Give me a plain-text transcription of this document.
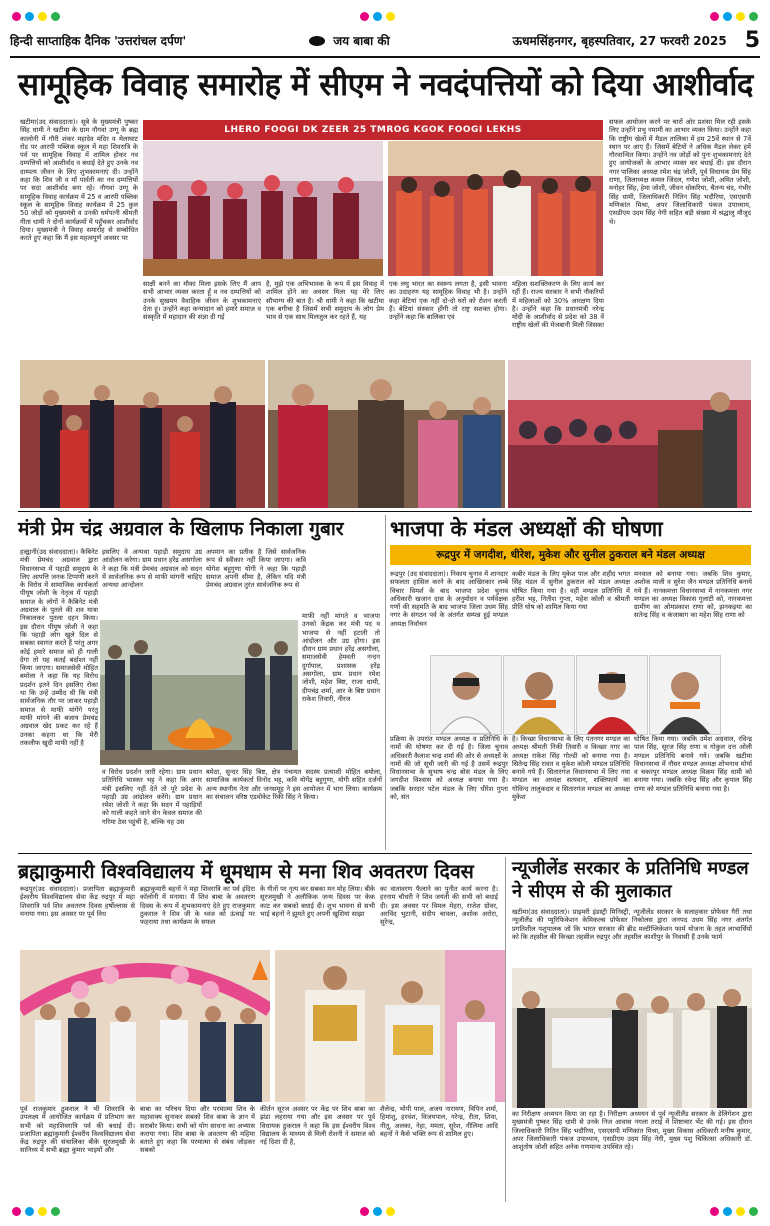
हिन्दी साप्ताहिक दैनिक 'उत्तरांचल दर्पण'	जय बाबा की	ऊधमसिंहनगर, बृहस्पतिवार, 27 फरवरी 2025 5
सामूहिक विवाह समारोह में सीएम ने नवदंपत्तियों को दिया आशीर्वाद
खटीमा(उद संवाददाता)। सूबे के मुख्यमंत्री पुष्कर सिंह धामी ने खटीमा के ग्राम नौगवां उग्गू के ब्रह्म कालोनी में गौरी शंकर महादेव मंदिर व मेलाघाट रोड पर आरपी पब्लिक स्कूल में महा शिवरात्रि के पर्व पर सामूहिक विवाह में शामिल होकर नव दम्पत्तियों को आशीर्वाद व बधाई देते हुए उनके नव दाम्पत्य जीवन के लिए शुभकामनाएं दी। उन्होंने कहा कि शिव जी व माँ पार्वती का नव दम्पत्तियों पर सदा आशीर्वाद बना रहे। नौगवां उग्गू के सामूहिक विवाह कार्यक्रम में 25 व आरपी पब्लिक स्कूल के सामूहिक विवाह कार्यक्रम में 25 कुल 50 जोड़ों को मुख्यमंत्री व उनकी धर्मपत्नी श्रीमती गीता धामी ने दोनों कार्यक्रमों में पहुँचकर आशीर्वाद दिया। मुख्यमंत्री ने विवाह समारोह से सम्बोधित करते हुए कहा कि मैं इस महत्वपूर्ण अवसर पर
LHERO FOOGI DK ZEER 25 TMROG KGOK FOOGI LEKHS
साक्षी बनने का मौका मिला इसके लिए मैं आप सभी आभार व्यक्त करता हूँ व नव दम्पत्तियों को उनके सुखमय वैवाहिक जीवन के शुभकामनाएं देता हूं। उन्होंने कहा कन्यादान को हमारे समाज व संस्कृति में महादान की संज्ञा दी गई
है, मुझे एक अभिभावक के रूप में इस विवाह में शामिल होने का अवसर मिला यह मेरे लिए सौभाग्य की बात है। श्री धामी ने कहा कि खटीमा एक बगीचा है जिसमें सभी समुदाय के लोग प्रेम भाव से एक साथ मिलजुल कर रहते हैं, यह
एक लघु भारत का स्वरूप लगता है, इसी भावना का उदाहरण यह सामूहिक विवाह भी है। उन्होंने कहा बेटियां एक नहीं दो-दो घरों को रोशन करती हैं। बेटियां संस्कार होंगी तो राष्ट्र सशक्त होगा। उन्होंने कहा कि बालिका एवं
महिला सशक्तिकरण के लिए कार्य कर रहीं हैं। राज्य सरकार ने सभी नौकरियों में महिलाओं को 30% आरक्षण दिया है। उन्होंने कहा कि प्रधानमंत्री नरेन्द्र मोदी के आशीर्वाद से प्रदेश को 38 वें राष्ट्रीय खेलों की मेजबानी मिली जिसका
सफल आयोजन करने पर चारों ओर प्रशंसा मिल रही इसके लिए उन्होंने प्रभु नमामी का आभार व्यक्त किया। उन्होंने कहा कि राष्ट्रीय खेलों में मैडल तालिका में हम 25वें स्थान से 7वें स्थान पर आए हैं। जिसमें बेटियों ने अधिक मैडल लेकर हमें गौरवान्वित किया। उन्होंने नव जोड़ों को पुनः शुभकामनाएं देते हुए आयोजकों के आभार व्यक्त कर बधाई दी। इस दौरान नगर पालिका अध्यक्ष रमेश चंद्र जोशी, पूर्व विधायक प्रेम सिंह राणा, जिलाध्यक्ष कमल जिंदल, गणेश जोशी, अमित जोशी, मनोहर सिंह, हेमा जोशी, जीवन धोकरिया, चैतन्य चंद, गंभीर सिंह धामी, जिलाधिकारी नितिन सिंह भदौरिया, एसएसपी मणिकांत मिश्रा, अपर जिलाधिकारी पंकज उपाध्याय, एसडीएम उदम सिंह नेगी सहित बड़ी संख्या में श्रद्धालु मौजूद थे।
मंत्री प्रेम चंद्र अग्रवाल के खिलाफ निकाला गुबार
हल्द्वानी(उद संवाददाता)। कैबिनेट मंत्री प्रेमचंद अग्रवाल द्वारा विधानसभा में पहाड़ी समुदाय के लिए आपत्ति जनक टिप्पणी करने के विरोध में सामाजिक कार्यकर्ता पीयूष जोशी के नेतृत्व में पहाड़ी समाज के लोगों ने कैबिनेट मंत्री अग्रवाल के पुतले की शव यात्रा निकालकर पुतला दहन किया। इस दौरान पीयूष जोशी ने कहा कि पहाड़ी लोग खुले दिल से सबका स्वागत करते हैं परंतु अगर कोई हमारे समाज को ही गाली देगा तो यह कतई बर्दाश्त नहीं किया जाएगा। समाजसेवी मोहित बमोला ने कहा कि यह विरोध प्रदर्शन इतने दिन इसलिए रोका था कि उन्हें उम्मीद थी कि मंत्री सार्वजनिक तौर पर जाकर पहाड़ी समाज से माफी मांगेंगे परंतु माफी मांगने की बजाय प्रेमचंद्र अग्रवाल खेद प्रकट कर रहे हैं उनका कहना था कि मेरी तकलीफ खुदी माफी नहीं है
इसलिए वे अन्यथा पहाड़ी समुदाय उग्र आंदोलन करेगा। ग्राम प्रधान हरेंद्र असगोला ने कहा कि मंत्री प्रेमचंद अग्रवाल को सदन में सार्वजनिक रूप से माफी मांगनी चाहिए अन्यथा आन्दोलन
अपमान का प्रतीक है जिसे सार्वजनिक रूप से स्वीकार नहीं किया जाएगा। कवि योगेश बहुगुणा योगी ने कहा कि पहाड़ी समाज अपनी सीमा है, लेकिन यदि मंत्री प्रेमचंद अग्रवाल तुरंत सार्वजनिक रूप से
माफी नहीं मांगते व भाजपा उनको केंद्रक कर मंत्री पद व भाजपा से नहीं हटाती तो आंदोलन और उग्र होगा। इस दौरान ग्राम प्रधान हरेंद्र असगोला, समाजसेवी हेमवती नन्दन दुर्गापाल, प्रशासक हरेंद्र असगोला, ग्राम प्रधान रमेश जोशी, महेश बिष्ट, राजा धामी, दीपचंद्र शर्मा, आर के बिष्ट प्रधान राकेश तिवारी, नीरज
व विरोध प्रदर्शन जारी रहेगा। ग्राम प्रधान प्रतिनिधि भास्कर भट्ट ने कहा कि अगर मंत्री इसलिए नहीं देते तो पूरे प्रदेश के पहाड़ी उग्र आंदोलन करेंगे। ग्राम प्रधान रमेश जोशी ने कहा कि सदन में पहाड़ियों को गाली कहते जाने सेन केवल समाज की गरिमा ठेस पहुंची है, बल्कि यह उस
बमेठा, सुन्दर सिंह बिष्ट, क्षेत्र पंचायत सदस्य प्रत्याशी मोहित बमोला, सामाजिक कार्यकर्ता विनोद भट्ट, कवि योगेंद्र बहुगुणा, योगी सहित दर्जनों अन्य स्थानीय नेता और जनसमूह ने इस आयोजन में भाग लिया। कार्यक्रम का संचालन वरिष्ठ एडवोकेट रिंकी सिंह ने किया।
भाजपा के मंडल अध्यक्षों की घोषणा
रूद्रपुर में जगदीश, धीरेश, मुकेश और सुनील ठुकराल बने मंडल अध्यक्ष
रूद्रपुर (उद संवाददाता)। निकाय चुनाव में शानदार सफलता हासिल करने के बाद आखिरकार लम्बे विचार विमर्श के बाद भाजपा प्रदेश चुनाव अधिकारी खजान दास के अनुमोदन व पर्यवेक्षक गणों की सहमति के बाद भाजपा जिला उधम सिंह नगर के संगठन पर्व के अंतर्गत सम्पन्न हुई मण्डल अध्यक्ष निर्वाचन
कबीर मंडल के लिए मुकेश पाल और शहीद भगत सिंह मंडल में सुनील ठुकराल को मंडल अध्यक्ष घोषित किया गया है। वहीं मण्डल प्रतिनिधि में हरीश भट्ट, नितीश गुप्ता, महेश कोली व श्रीमती प्रीति घोष को शामिल किया गया
मनवाल को बनाया गया। जबकि शिव कुमार, अशोक माली व सुरेश जैन मण्डल प्रतिनिधि बनाये गये हैं। नानकमत्ता विधानसभा में नानकमत्ता नगर मण्डल का अध्यक्ष विकास गुलाटी को, नानकमत्ता ग्रामीण का ओमप्रकाश राणा को, झनकइया का सतेन्द्र सिंह व कंजाबाग का महेश सिंह राणा को
प्रक्रिया के उपरांत मण्डल अध्यक्ष व प्रतिनिधि के नामों की घोषणा कर दी गई है। जिला चुनाव अधिकारी कैलाश चन्द्र शर्मा की ओर से अध्यक्षों के नामों की जो सूची जारी की गई है उसमें रूद्रपुर विधानसभा के सुभाष चन्द्र बोस मंडल के लिए जगदीश विश्वास को अध्यक्ष बनाया गया है। जबकि सरदार पटेल मंडल के लिए धीरेश गुप्ता को, संत
है। किच्छा विधानसभा के लिए पंतनगर मण्डल का अध्यक्ष श्रीमती निकी तिवारी व किच्छा नगर का अध्यक्ष राकेश सिंह गोल्डी को बनाया गया है। सितेन्द्र सिंह रावत व मुकेश कोली मण्डल प्रतिनिधि बनाये गये हैं। सितारगंज विधानसभा में लिए नया मण्डल का अध्यक्ष सत्यवान, शक्तिफार्म का गोविन्द तालुकदार व सितारगंज मण्डल का अध्यक्ष मुकेश
घोषित किया गया। जबकि उमेश अग्रवाल, रविन्द्र पाल सिंह, सूरज सिंह राणा व गोकुल दत्त ओली मण्डल प्रतिनिधि बनाये गये। जबकि खटीमा विधानसभा में नौसर मण्डल अध्यक्ष शोभनाथ मोर्या व चकरपुर मण्डल अध्यक्ष विक्रम सिंह धामी को बनाया गया। जबकि रवेन्द्र सिंह और कृपाल सिंह राणा को मण्डल प्रतिनिधि बनाया गया है।
ब्रह्माकुमारी विश्वविद्यालय में धूमधाम से मना शिव अवतरण दिवस
रूद्रपुर(उद संवाददाता)। प्रजापिता ब्रह्माकुमारी ईश्वरीय विश्वविद्यालय सेवा केंद्र रुद्रपुर में महा शिवरात्रि पर्व शिव अवतरण दिवस हर्षोल्लास से मनाया गया। इस अवसर पर पूर्व विध
ब्रह्माकुमारी बहनों ने महा शिवरात्रि का पर्व इंदिरा कॉलोनी में मनाया। मैं शिव बाबा के अवतरण दिवस के रूप में शुभकामनाएं देते हुए राजकुमार ठुकराल ने शिव जी के ध्वज को ऊंचाई पर फहराया तथा कार्यक्रम के सफल
के गीतों पर नृत्य कर सबका मन मोह लिया। बीके सूरजमुखी ने अलौकिक जन्म दिवस पर केक काट कर सबको बधाई दी। शुभ भावना से सभी भाई बहनों ने झूमते हुए अपनी खुशियां साझा
का वातावरण फैलाने का पुनीत कार्य करना है। हरनाम चौधरी ने शिव जयंती की सभी को बधाई दी। इस अवसर पर विमल मेहरा, राजेश ग्रोवर, अरविंद भुटानी, संदीप चावला, अशोक अरोरा, सुरेन्द्र,
पूर्व राजकुमार ठुकराल ने भी शिवरात्रि के उपलक्ष्य में आयोजित कार्यक्रम में प्रतिभाग कर सभी को महाशिवरात्रि पर्व की बधाई दी। प्रजापिता ब्रह्माकुमारी ईश्वरीय विश्वविद्यालय सेवा केंद्र रुद्रपुर की संचालिका बीके सूरजमुखी के सानिध्य में सभी ब्रह्मा कुमार भाइयों और
बाबा का परिचय दिया और परमात्मा शिव के महावाक्य सुनाकर सबको शिव बाबा के ज्ञान में सराबोर किया। सभी को योग साधना का अभ्यास कराया गया। शिव बाबा के अवतरण की महिमा बताते हुए कहा कि परमात्मा से संबंध जोड़कर सबको
कीर्तन सूरज अवसर पर केंद्र पर शिव बाबा का झंडा लहराया गया और इस अवसर पर पूर्व विधायक ठुकराल ने कहा कि इस ईश्वरीय विश्व विद्यालय के माध्यम से मिली रोशनी ने समाज को नई दिशा दी है,
शैलेन्द्र, भोपी पाल, अजय नारायण, विपिन शर्मा, हिमांशु, हरवंश, विजयपाल, नरेन्द्र, रीता, शिवा, नीतू, अलका, नेहा, ममता, सुरेश, नीलिमा आदि बहनों ने कैसे भक्ति रूप से शामिल हुए।
न्यूजीलेंड सरकार के प्रतिनिधि मण्डल ने सीएम से की मुलाकात
खटीमा(उद संवाददाता)। प्राइमरी इंडस्ट्री मिनिस्ट्री, न्यूजीलेंड सरकार के सलाहकार प्रोफेसर गैरी तथा न्यूजीलैंड की प्यूरिफिकेशन केमिकल्स प्रोफेसर निकोलस द्वारा जनपद उधम सिंह नगर अंतर्गत प्रगतिशील पशुपालक जो कि भारत सरकार की ब्रीड मल्टीप्लिकेशन फार्म योजना के तहत लाभार्थियों को कि तहसील की किच्छा तहसील रुद्रपुर और तहसील काशीपुर के निवासी हैं उनके फार्म
का निरीक्षण अध्ययन किया जा रहा है। निरीक्षण अध्ययन से पूर्व न्यूजीलैंड सरकार के डेलिगेशन द्वारा मुख्यमंत्री पुष्कर सिंह धामी से उनके निज आवास नगला तराई में शिष्टाचार भेंट की गई। इस दौरान जिलाधिकारी नितिन सिंह भदौरिया, एसएसपी मणिकांत मिश्रा, मुख्य विकास अधिकारी मनीष कुमार, अपर जिलाधिकारी पंकज उपाध्याय, एसडीएम उदम सिंह नेगी, मुख्य पशु चिकित्सा अधिकारी डॉ. आशुतोष जोशी सहित अनेक गणमान्य उपस्थित रहे।
